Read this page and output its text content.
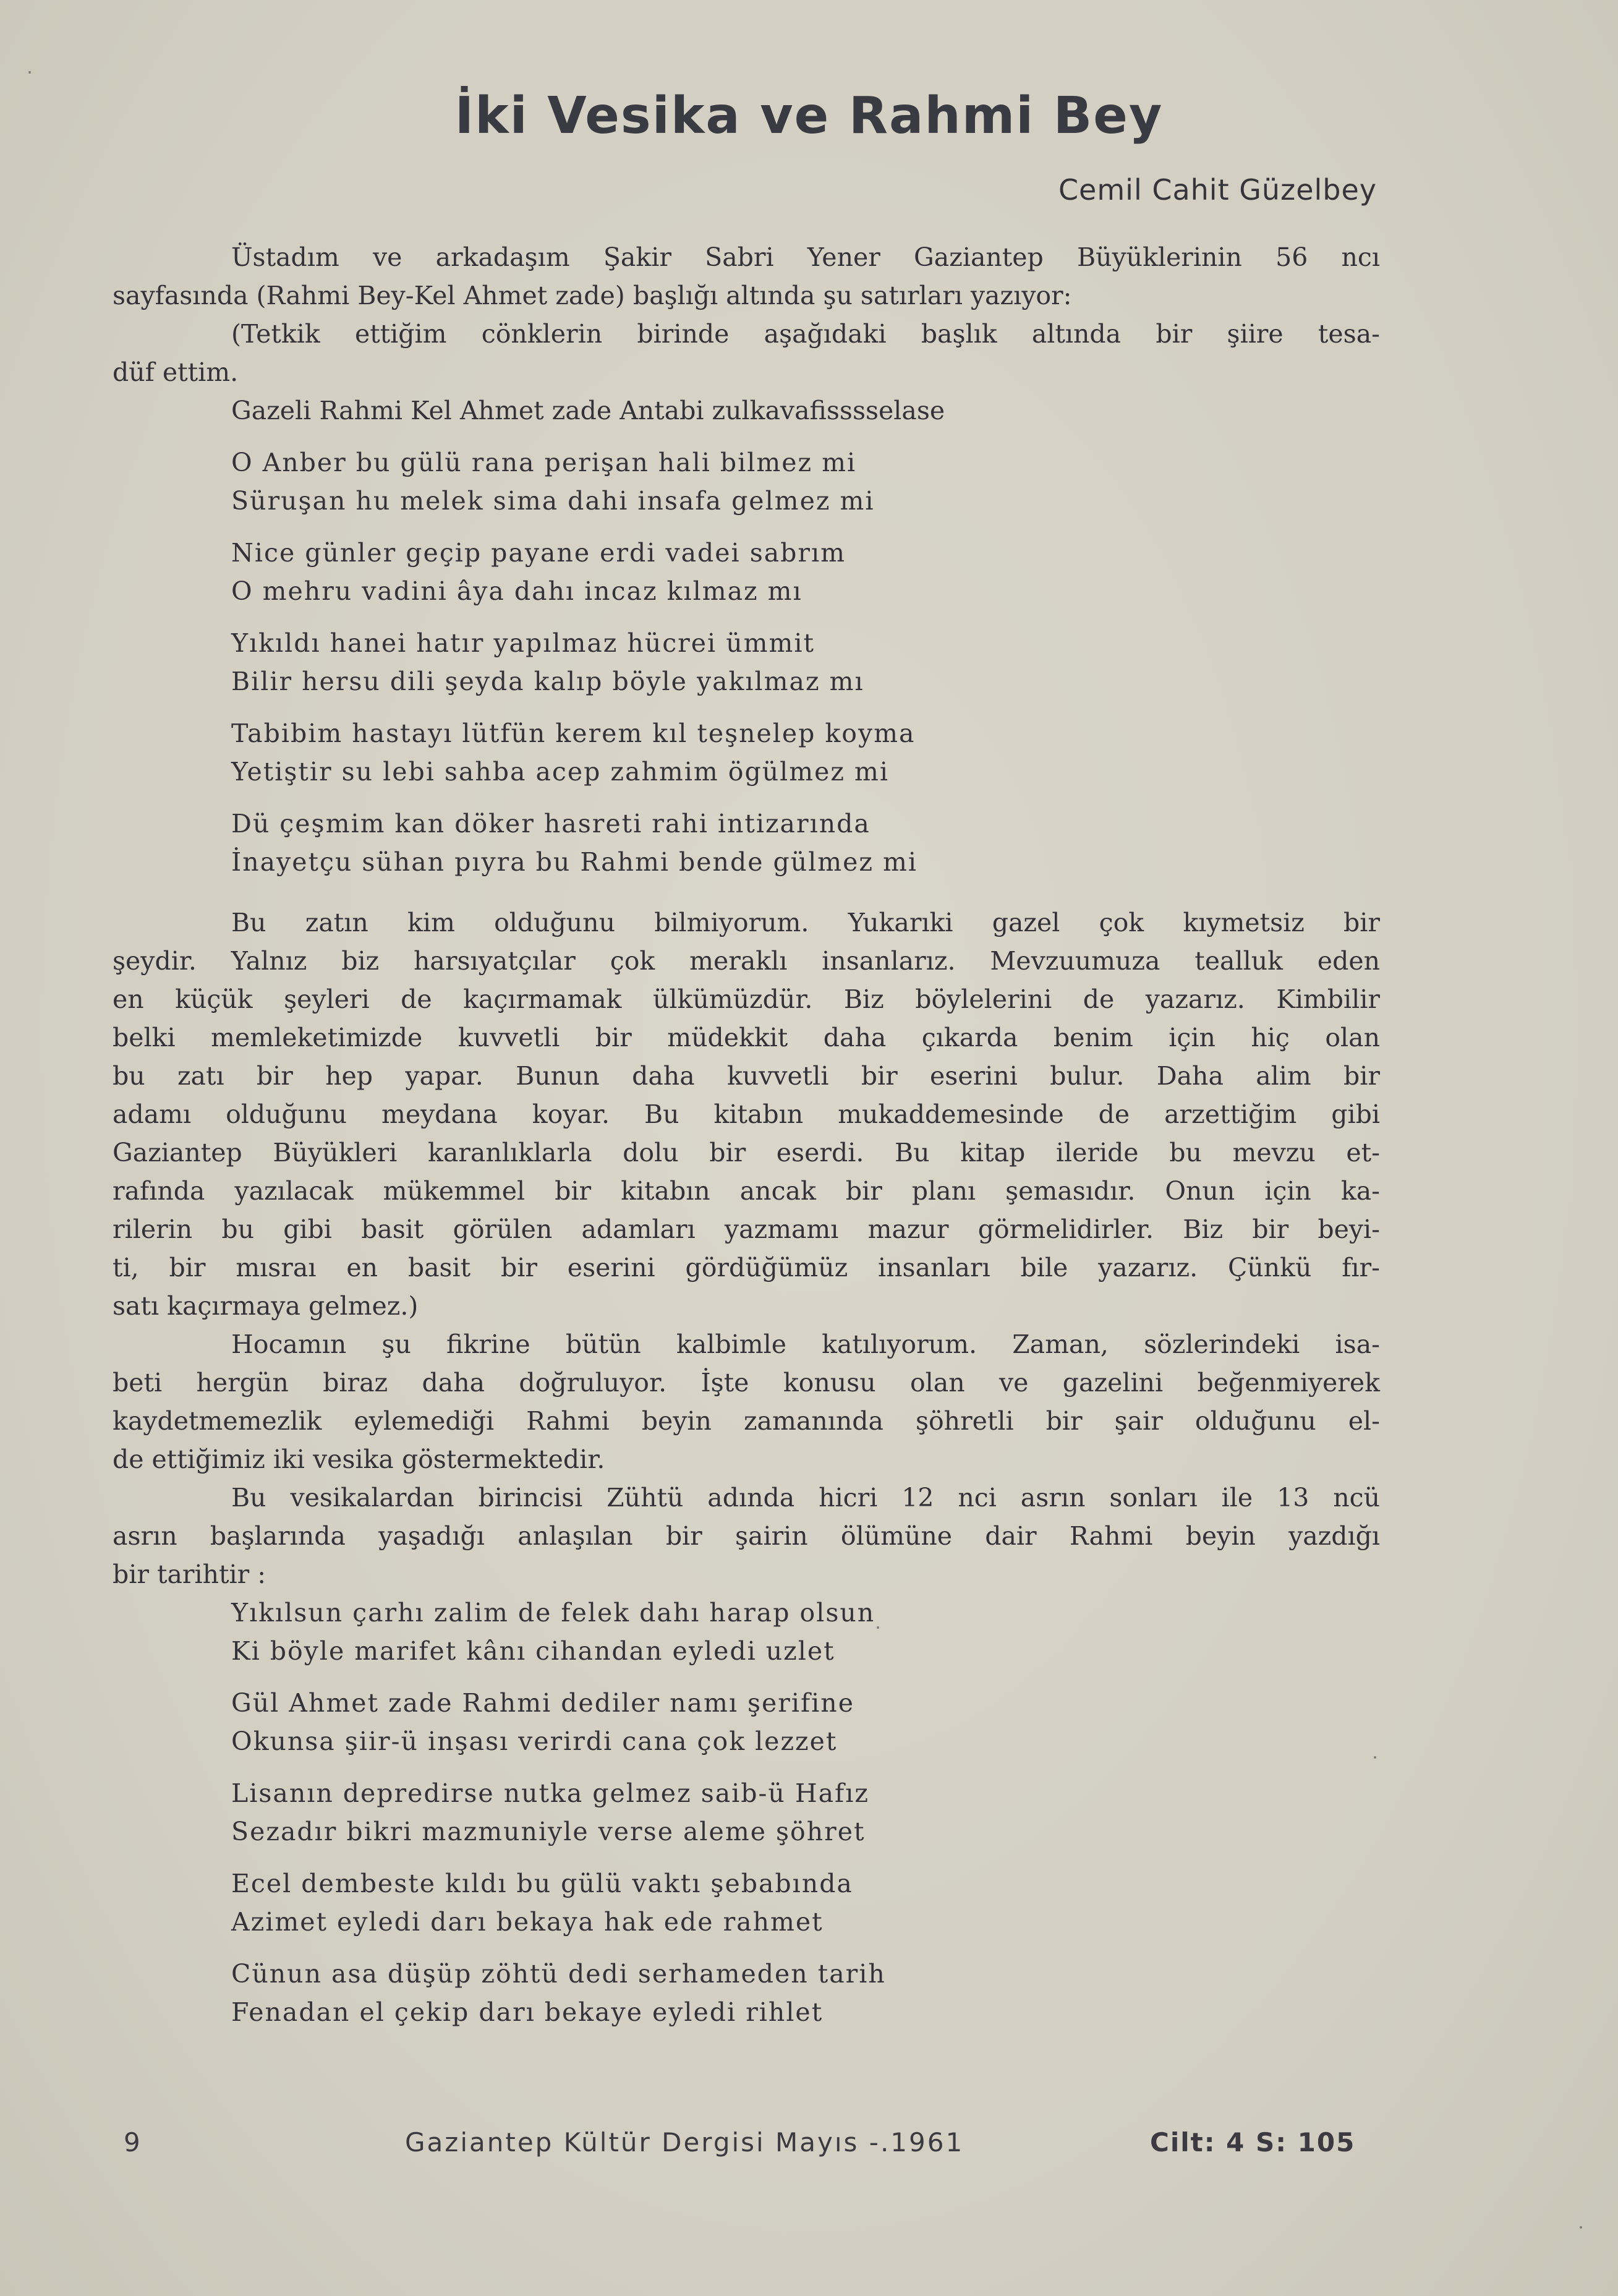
İki Vesika ve Rahmi Bey
Cemil Cahit Güzelbey
Üstadım ve arkadaşım Şakir Sabri Yener Gaziantep Büyüklerinin 56 ncı
sayfasında (Rahmi Bey-Kel Ahmet zade) başlığı altında şu satırları yazıyor:
(Tetkik ettiğim cönklerin birinde aşağıdaki başlık altında bir şiire tesa-
düf ettim.
Gazeli Rahmi Kel Ahmet zade Antabi zulkavafisssselase
O Anber bu gülü rana perişan hali bilmez mi
Süruşan hu melek sima dahi insafa gelmez mi
Nice günler geçip payane erdi vadei sabrım
O mehru vadini âya dahı incaz kılmaz mı
Yıkıldı hanei hatır yapılmaz hücrei ümmit
Bilir hersu dili şeyda kalıp böyle yakılmaz mı
Tabibim hastayı lütfün kerem kıl teşnelep koyma
Yetiştir su lebi sahba acep zahmim ögülmez mi
Dü çeşmim kan döker hasreti rahi intizarında
İnayetçu sühan pıyra bu Rahmi bende gülmez mi
Bu zatın kim olduğunu bilmiyorum. Yukarıki gazel çok kıymetsiz bir
şeydir. Yalnız biz harsıyatçılar çok meraklı insanlarız. Mevzuumuza tealluk eden
en küçük şeyleri de kaçırmamak ülkümüzdür. Biz böylelerini de yazarız. Kimbilir
belki memleketimizde kuvvetli bir müdekkit daha çıkarda benim için hiç olan
bu zatı bir hep yapar. Bunun daha kuvvetli bir eserini bulur. Daha alim bir
adamı olduğunu meydana koyar. Bu kitabın mukaddemesinde de arzettiğim gibi
Gaziantep Büyükleri karanlıklarla dolu bir eserdi. Bu kitap ileride bu mevzu et-
rafında yazılacak mükemmel bir kitabın ancak bir planı şemasıdır. Onun için ka-
rilerin bu gibi basit görülen adamları yazmamı mazur görmelidirler. Biz bir beyi-
ti, bir mısraı en basit bir eserini gördüğümüz insanları bile yazarız. Çünkü fır-
satı kaçırmaya gelmez.)
Hocamın şu fikrine bütün kalbimle katılıyorum. Zaman, sözlerindeki isa-
beti hergün biraz daha doğruluyor. İşte konusu olan ve gazelini beğenmiyerek
kaydetmemezlik eylemediği Rahmi beyin zamanında şöhretli bir şair olduğunu el-
de ettiğimiz iki vesika göstermektedir.
Bu vesikalardan birincisi Zühtü adında hicri 12 nci asrın sonları ile 13 ncü
asrın başlarında yaşadığı anlaşılan bir şairin ölümüne dair Rahmi beyin yazdığı
bir tarihtir :
Yıkılsun çarhı zalim de felek dahı harap olsun
Ki böyle marifet kânı cihandan eyledi uzlet
Gül Ahmet zade Rahmi dediler namı şerifine
Okunsa şiir-ü inşası verirdi cana çok lezzet
Lisanın depredirse nutka gelmez saib-ü Hafız
Sezadır bikri mazmuniyle verse aleme şöhret
Ecel dembeste kıldı bu gülü vaktı şebabında
Azimet eyledi darı bekaya hak ede rahmet
Cünun asa düşüp zöhtü dedi serhameden tarih
Fenadan el çekip darı bekaye eyledi rihlet
9	Gaziantep Kültür Dergisi Mayıs -.1961	Cilt: 4 S: 105
